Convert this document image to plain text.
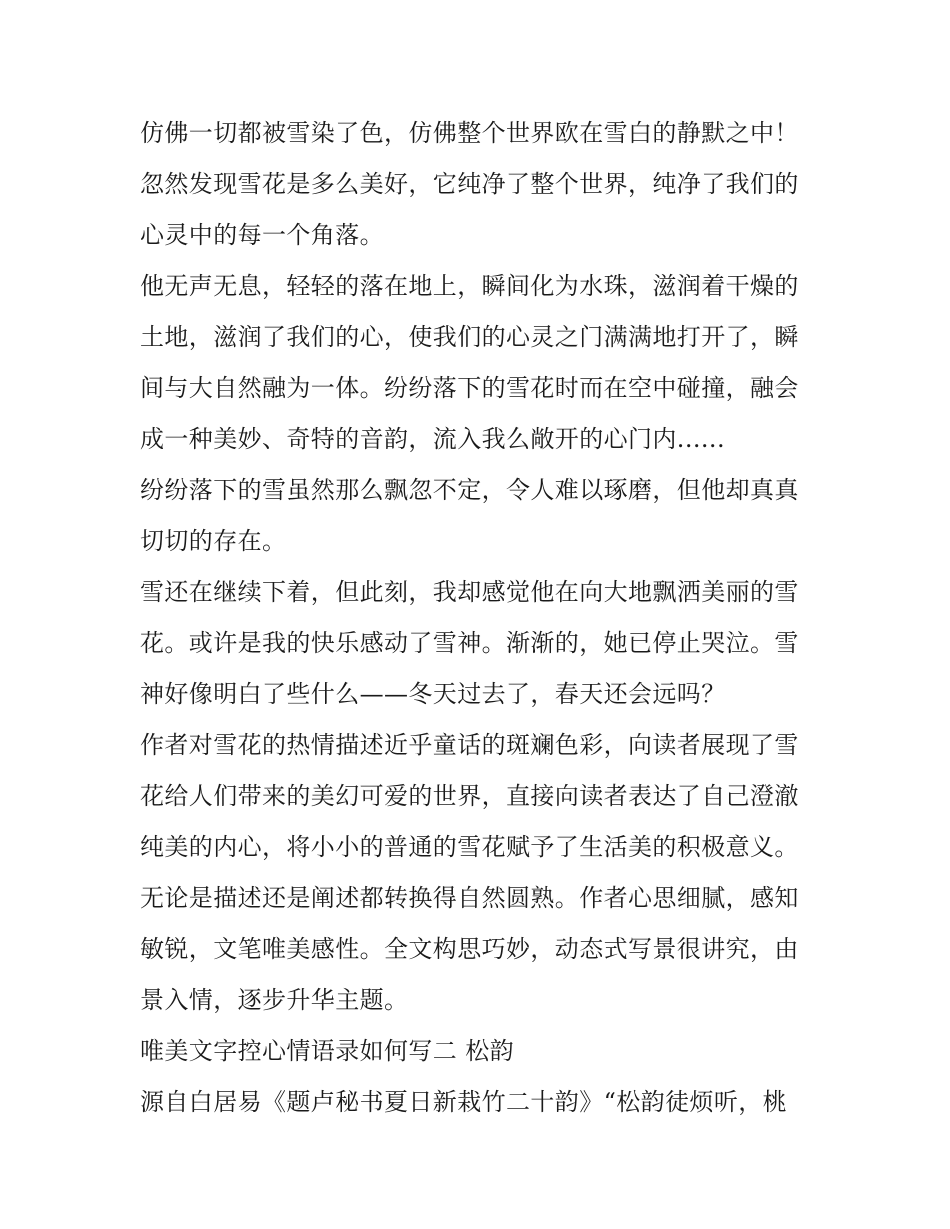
仿佛一切都被雪染了色，仿佛整个世界欧在雪白的静默之中！
忽然发现雪花是多么美好，它纯净了整个世界，纯净了我们的
心灵中的每一个角落。
他无声无息，轻轻的落在地上，瞬间化为水珠，滋润着干燥的
土地，滋润了我们的心，使我们的心灵之门满满地打开了，瞬
间与大自然融为一体。纷纷落下的雪花时而在空中碰撞，融会
成一种美妙、奇特的音韵，流入我么敞开的心门内......
纷纷落下的雪虽然那么飘忽不定，令人难以琢磨，但他却真真
切切的存在。
雪还在继续下着，但此刻，我却感觉他在向大地飘洒美丽的雪
花。或许是我的快乐感动了雪神。渐渐的，她已停止哭泣。雪
神好像明白了些什么——冬天过去了，春天还会远吗？
作者对雪花的热情描述近乎童话的斑斓色彩，向读者展现了雪
花给人们带来的美幻可爱的世界，直接向读者表达了自己澄澈
纯美的内心，将小小的普通的雪花赋予了生活美的积极意义。
无论是描述还是阐述都转换得自然圆熟。作者心思细腻，感知
敏锐，文笔唯美感性。全文构思巧妙，动态式写景很讲究，由
景入情，逐步升华主题。
唯美文字控心情语录如何写二 松韵
源自白居易《题卢秘书夏日新栽竹二十韵》“松韵徒烦听，桃
